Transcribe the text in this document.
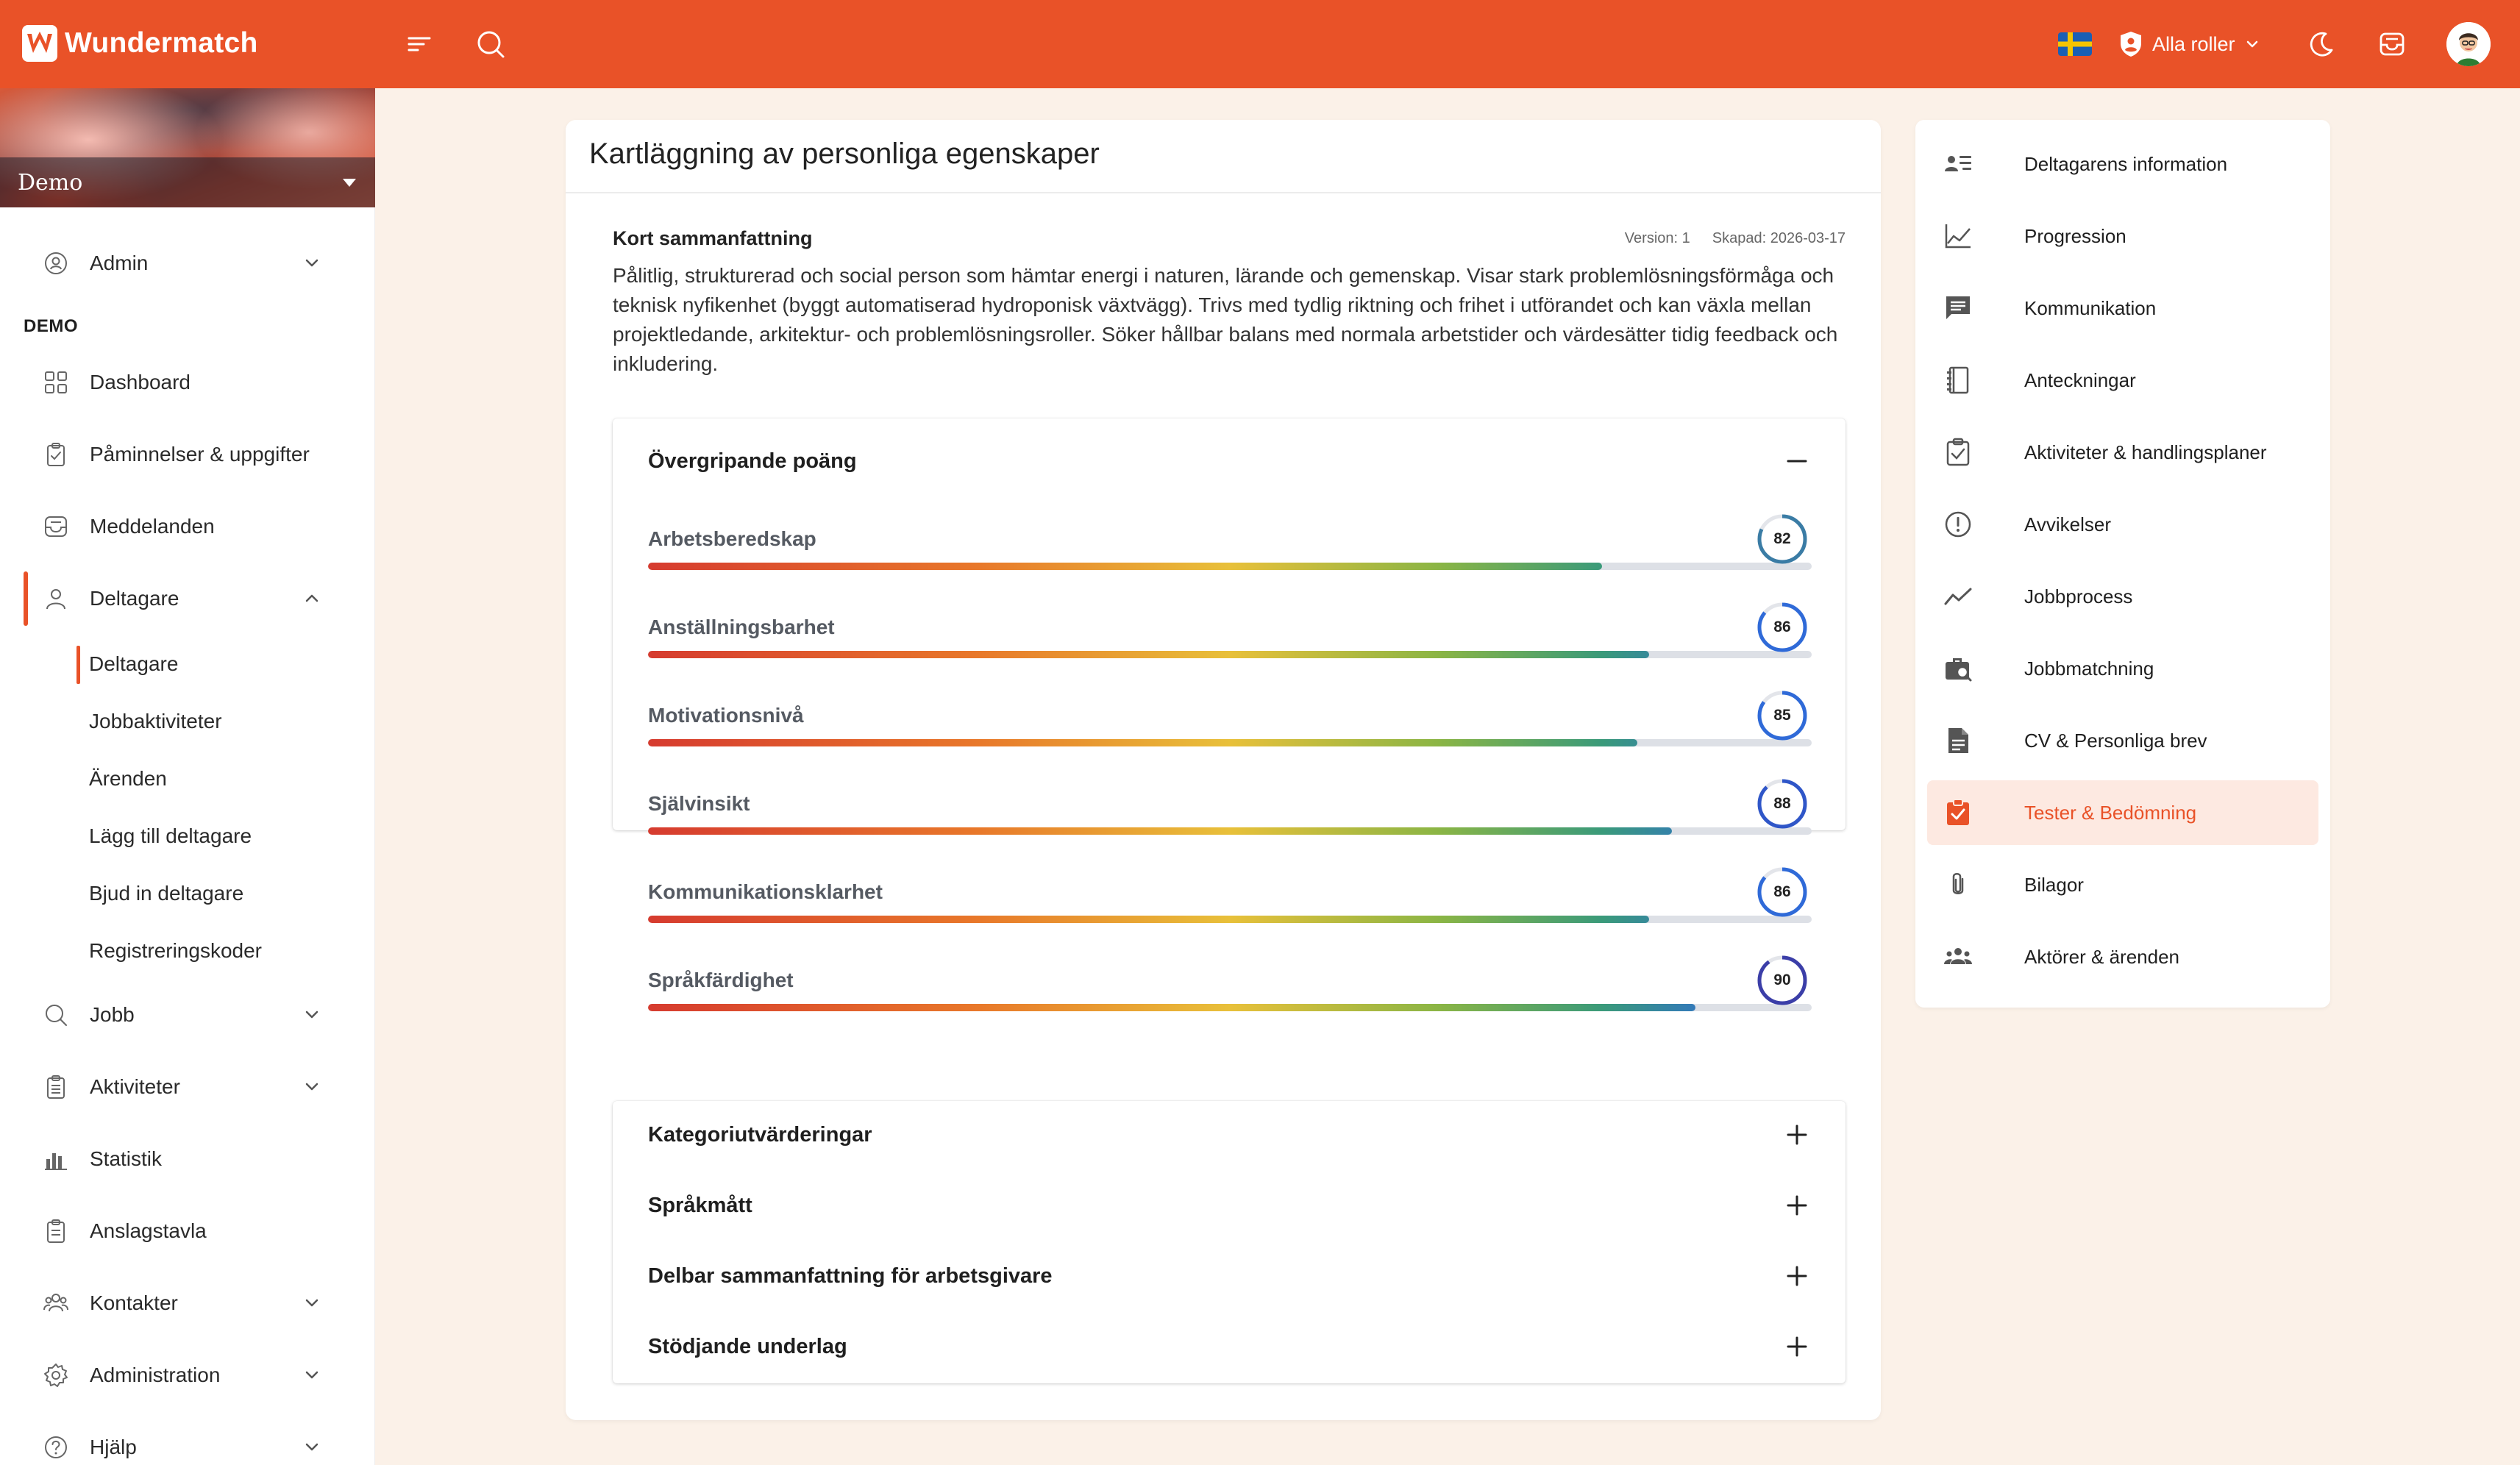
Wundermatch	Alla roller
Demo
Admin
DEMO
Dashboard
Påminnelser & uppgifter
Meddelanden
Deltagare
Deltagare
Jobbaktiviteter
Ärenden
Lägg till deltagare
Bjud in deltagare
Registreringskoder
Jobb
Aktiviteter
Statistik
Anslagstavla
Kontakter
Administration
Hjälp
Kartläggning av personliga egenskaper
Kort sammanfattning	Version: 1 Skapad: 2026-03-17
Pålitlig, strukturerad och social person som hämtar energi i naturen, lärande och gemenskap. Visar stark problemlösningsförmåga och teknisk nyfikenhet (byggt automatiserad hydroponisk växtvägg). Trivs med tydlig riktning och frihet i utförandet och kan växla mellan projektledande, arkitektur- och problemlösningsroller. Söker hållbar balans med normala arbetstider och värdesätter tidig feedback och inkludering.
Övergripande poäng
Arbetsberedskap	82
Anställningsbarhet	86
Motivationsnivå	85
Självinsikt	88
Kommunikationsklarhet	86
Språkfärdighet	90
Kategoriutvärderingar
Språkmått
Delbar sammanfattning för arbetsgivare
Stödjande underlag
Deltagarens information
Progression
Kommunikation
Anteckningar
Aktiviteter & handlingsplaner
Avvikelser
Jobbprocess
Jobbmatchning
CV & Personliga brev
Tester & Bedömning
Bilagor
Aktörer & ärenden
